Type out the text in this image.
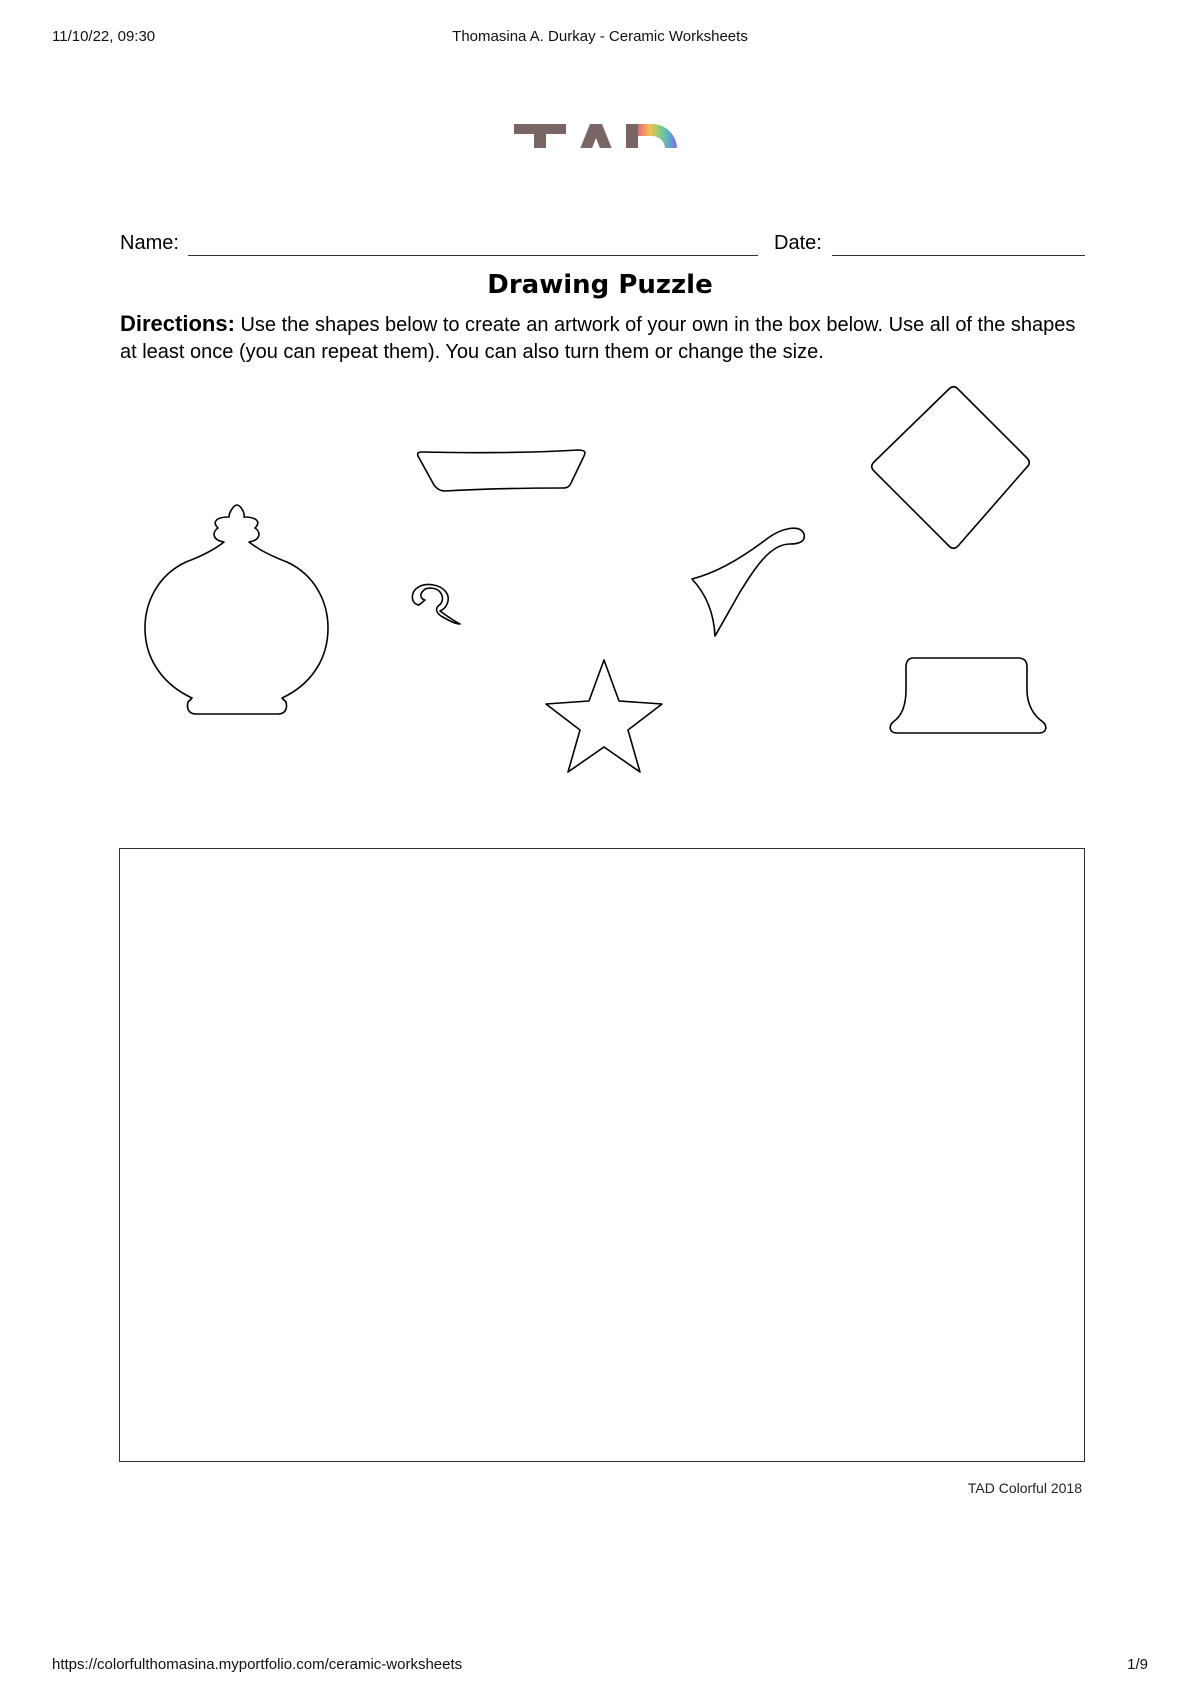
11/10/22, 09:30	Thomasina A. Durkay - Ceramic Worksheets
Name:	Date:
Drawing Puzzle
Directions: Use the shapes below to create an artwork of your own in the box below. Use all of the shapes at least once (you can repeat them). You can also turn them or change the size.
TAD Colorful 2018
https://colorfulthomasina.myportfolio.com/ceramic-worksheets	1/9
